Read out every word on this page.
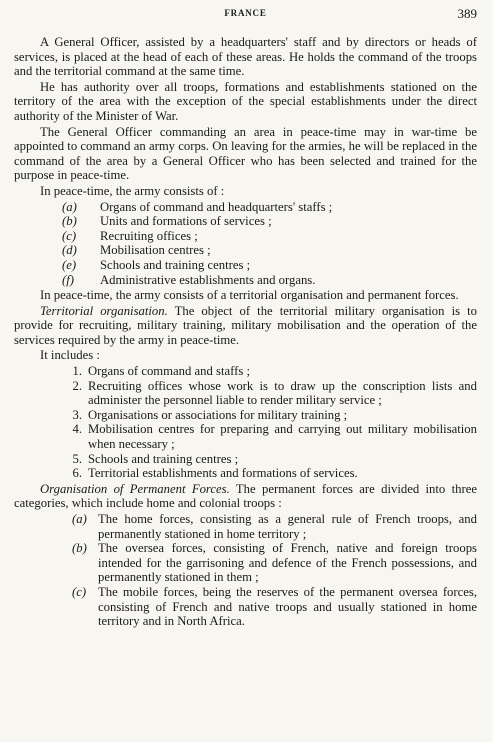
FRANCE	389

A General Officer, assisted by a headquarters' staff and by directors or heads of services, is placed at the head of each of these areas. He holds the command of the troops and the territorial command at the same time.

He has authority over all troops, formations and establishments stationed on the territory of the area with the exception of the special establishments under the direct authority of the Minister of War.

The General Officer commanding an area in peace-time may in war-time be appointed to command an army corps. On leaving for the armies, he will be replaced in the command of the area by a General Officer who has been selected and trained for the purpose in peace-time.

In peace-time, the army consists of :

(a) Organs of command and headquarters' staffs ;
(b) Units and formations of services ;
(c) Recruiting offices ;
(d) Mobilisation centres ;
(e) Schools and training centres ;
(f) Administrative establishments and organs.

In peace-time, the army consists of a territorial organisation and permanent forces.

Territorial organisation. The object of the territorial military organisation is to provide for recruiting, military training, military mobilisation and the operation of the services required by the army in peace-time.

It includes :

1. Organs of command and staffs ;
2. Recruiting offices whose work is to draw up the conscription lists and administer the personnel liable to render military service ;
3. Organisations or associations for military training ;
4. Mobilisation centres for preparing and carrying out military mobilisation when necessary ;
5. Schools and training centres ;
6. Territorial establishments and formations of services.

Organisation of Permanent Forces. The permanent forces are divided into three categories, which include home and colonial troops :

(a) The home forces, consisting as a general rule of French troops, and permanently stationed in home territory ;
(b) The oversea forces, consisting of French, native and foreign troops intended for the garrisoning and defence of the French possessions, and permanently stationed in them ;
(c) The mobile forces, being the reserves of the permanent oversea forces, consisting of French and native troops and usually stationed in home territory and in North Africa.
